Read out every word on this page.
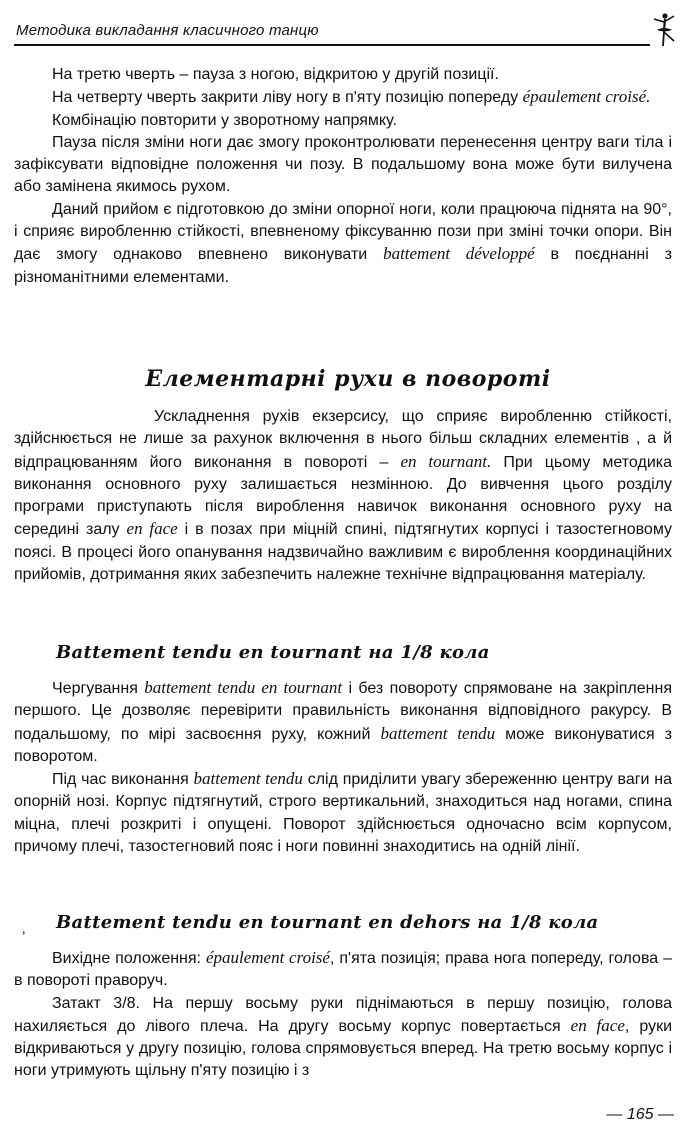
Методика викладання класичного танцю

На третю чверть – пауза з ногою, відкритою у другій позиції.

На четверту чверть закрити ліву ногу в п'яту позицію попереду épaulement croisé.

Комбінацію повторити у зворотному напрямку.

Пауза після зміни ноги дає змогу проконтролювати перенесення центру ваги тіла і зафіксувати відповідне положення чи позу. В подальшому вона може бути вилучена або замінена якимось рухом.

Даний прийом є підготовкою до зміни опорної ноги, коли працююча піднята на 90°, і сприяє виробленню стійкості, впевненому фіксуванню пози при зміні точки опори. Він дає змогу однаково впевнено виконувати battement développé в поєднанні з різноманітними елементами.

Елементарні рухи в повороті

Ускладнення рухів екзерсису, що сприяє виробленню стійкості, здійснюється не лише за рахунок включення в нього більш складних елементів , а й відпрацюванням його виконання в повороті – en tournant. При цьому методика виконання основного руху залишається незмінною. До вивчення цього розділу програми приступають після вироблення навичок виконання основного руху на середині залу en face і в позах при міцній спині, підтягнутих корпусі і тазостегновому поясі. В процесі його опанування надзвичайно важливим є вироблення координаційних прийомів, дотримання яких забезпечить належне технічне відпрацювання матеріалу.

Battement tendu en tournant на 1/8 кола

Чергування battement tendu en tournant і без повороту спрямоване на закріплення першого. Це дозволяє перевірити правильність виконання відповідного ракурсу. В подальшому, по мірі засвоєння руху, кожний battement tendu може виконуватися з поворотом.

Під час виконання battement tendu слід приділити увагу збереженню центру ваги на опорній нозі. Корпус підтягнутий, строго вертикальний, знаходиться над ногами, спина міцна, плечі розкриті і опущені. Поворот здійснюється одночасно всім корпусом, причому плечі, тазостегновий пояс і ноги повинні знаходитись на одній лінії.

, Battement tendu en tournant en dehors на 1/8 кола

Вихідне положення: épaulement croisé, п'ята позиція; права нога попереду, голова – в повороті праворуч.

Затакт 3/8. На першу восьму руки піднімаються в першу позицію, голова нахиляється до лівого плеча. На другу восьму корпус повертається en face, руки відкриваються у другу позицію, голова спрямовується вперед. На третю восьму корпус і ноги утримують щільну п'яту позицію і з

— 165 —
